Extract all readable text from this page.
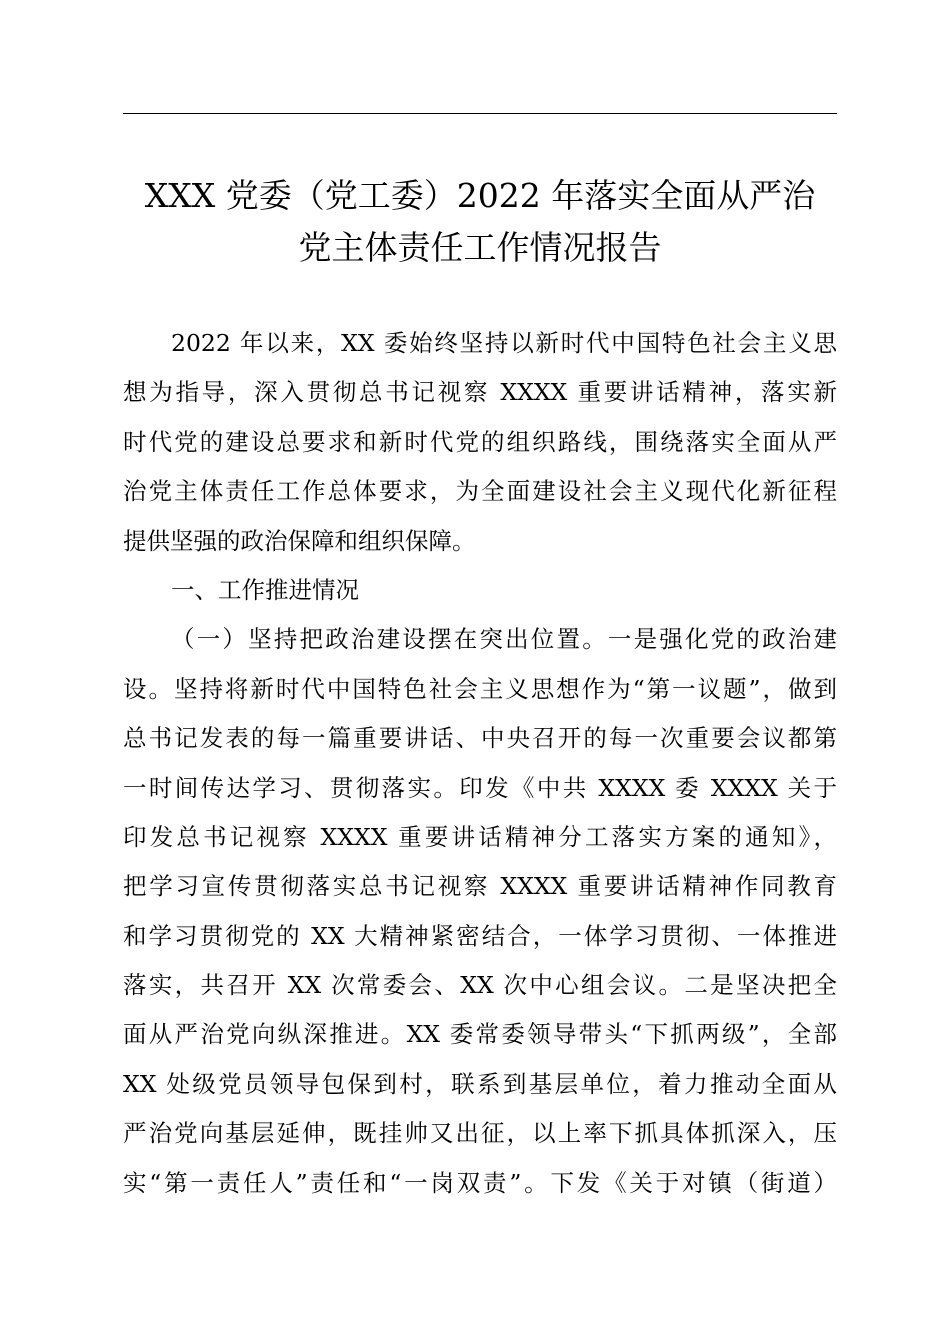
XXX 党委（党工委）2022 年落实全面从严治
党主体责任工作情况报告
2022 年以来，XX 委始终坚持以新时代中国特色社会主义思
想为指导，深入贯彻总书记视察 XXXX 重要讲话精神，落实新
时代党的建设总要求和新时代党的组织路线，围绕落实全面从严
治党主体责任工作总体要求，为全面建设社会主义现代化新征程
提供坚强的政治保障和组织保障。
一、工作推进情况
（一）坚持把政治建设摆在突出位置。一是强化党的政治建
设。坚持将新时代中国特色社会主义思想作为“第一议题”，做到
总书记发表的每一篇重要讲话、中央召开的每一次重要会议都第
一时间传达学习、贯彻落实。印发《中共 XXXX 委 XXXX 关于
印发总书记视察 XXXX 重要讲话精神分工落实方案的通知》，
把学习宣传贯彻落实总书记视察 XXXX 重要讲话精神作同教育
和学习贯彻党的 XX 大精神紧密结合，一体学习贯彻、一体推进
落实，共召开 XX 次常委会、XX 次中心组会议。二是坚决把全
面从严治党向纵深推进。XX 委常委领导带头“下抓两级”，全部
XX 处级党员领导包保到村，联系到基层单位，着力推动全面从
严治党向基层延伸，既挂帅又出征，以上率下抓具体抓深入，压
实“第一责任人”责任和“一岗双责”。下发《关于对镇（街道）
